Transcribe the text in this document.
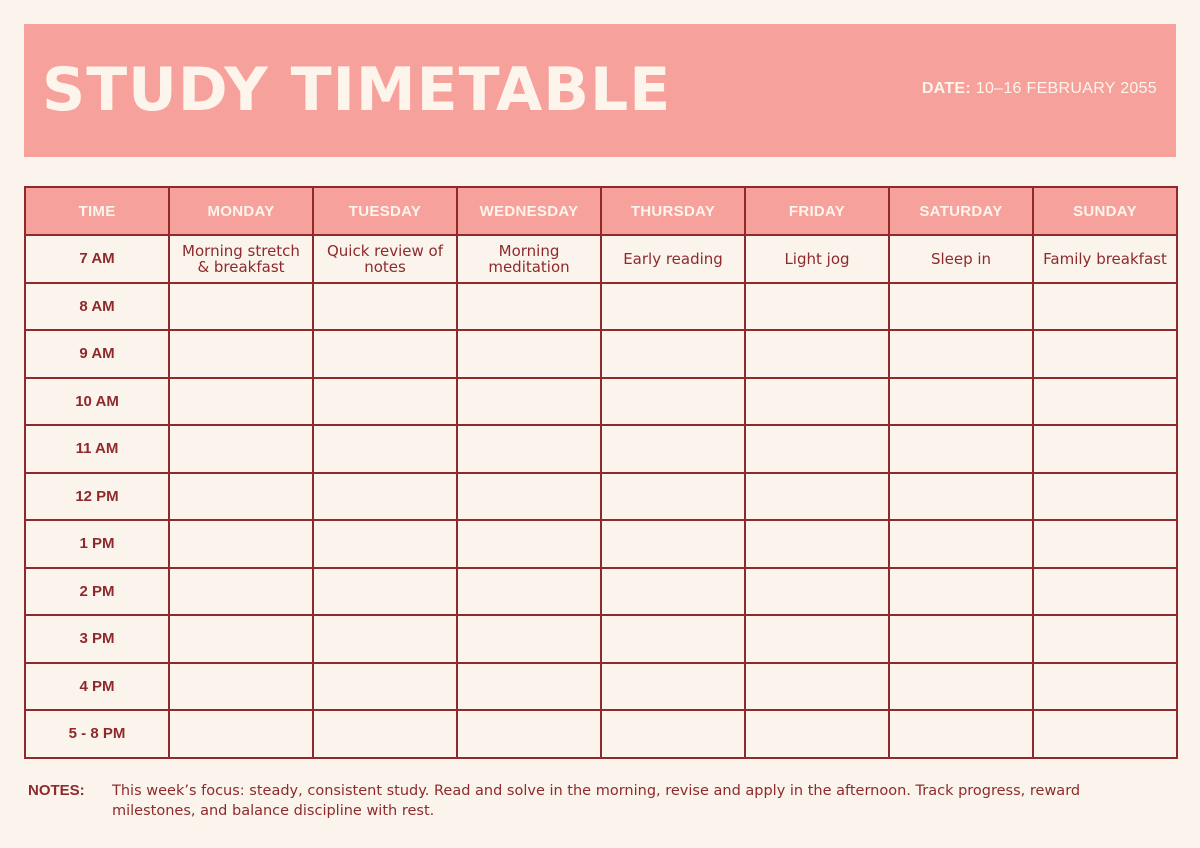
STUDY TIMETABLE	DATE: 10–16 FEBRUARY 2055
TIME	MONDAY	TUESDAY	WEDNESDAY	THURSDAY	FRIDAY	SATURDAY	SUNDAY
7 AM	Morning stretch & breakfast	Quick review of notes	Morning meditation	Early reading	Light jog	Sleep in	Family breakfast
8 AM							
9 AM							
10 AM							
11 AM							
12 PM							
1 PM							
2 PM							
3 PM							
4 PM							
5 - 8 PM							
NOTES: This week’s focus: steady, consistent study. Read and solve in the morning, revise and apply in the afternoon. Track progress, reward milestones, and balance discipline with rest.
